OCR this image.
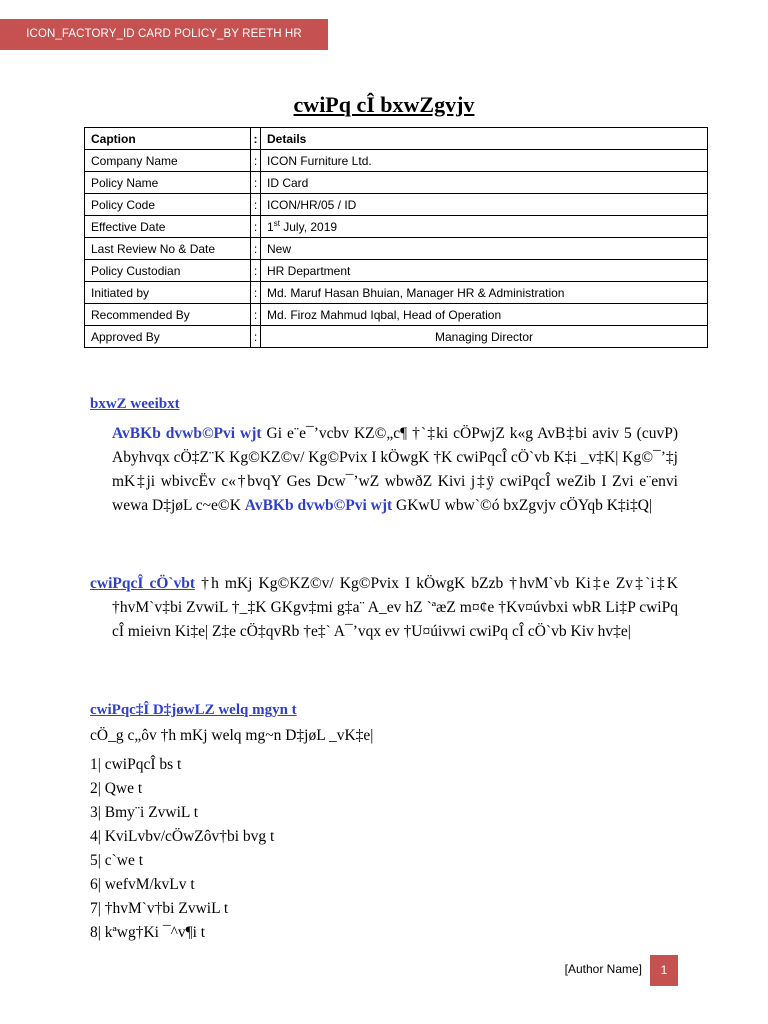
ICON_FACTORY_ID CARD POLICY_BY REETH HR
cwiPq cÎ bxwZgvjv
Caption	:	Details
Company Name	:	ICON Furniture Ltd.
Policy Name	:	ID Card
Policy Code	:	ICON/HR/05 / ID
Effective Date	:	1st July, 2019
Last Review No & Date	:	New
Policy Custodian	:	HR Department
Initiated by	:	Md. Maruf Hasan Bhuian, Manager HR & Administration
Recommended By	:	Md. Firoz Mahmud Iqbal, Head of Operation
Approved By	:	Managing Director
bxwZ weeibxt
AvBKb dvwb©Pvi wjt Gi e¨e¯’vcbv KZ©„c¶ †`‡ki cÖPwjZ k«g AvB‡bi aviv 5 (cuvP) Abyhvqx cÖ‡Z¨K Kg©KZ©v/ Kg©Pvix I kÖwgK †K cwiPqcÎ cÖ`vb K‡i _v‡K| Kg©¯’‡j mK‡ji wbivcËv c«†bvqY Ges Dcw¯’wZ wbwðZ Kivi j‡ÿ cwiPqcÎ weZib I Zvi e¨envi wewa D‡jøL c~e©K AvBKb dvwb©Pvi wjt GKwU wbw`©ó bxZgvjv cÖYqb K‡i‡Q|
cwiPqcÎ cÖ`vbt †h mKj Kg©KZ©v/ Kg©Pvix I kÖwgK bZzb †hvM`vb Ki‡e Zv‡`i‡K †hvM`v‡bi ZvwiL †_‡K GKgv‡mi g‡a¨ A_ev hZ `ªæZ m¤¢e †Kv¤úvbxi wbR Li‡P cwiPq cÎ mieivn Ki‡e| Z‡e cÖ‡qvRb †e‡` A¯’vqx ev †U¤úivwi cwiPq cÎ cÖ`vb Kiv hv‡e|
cwiPqc‡Î D‡jøwLZ welq mgyn t
cÖ_g c„ôv †h mKj welq mg~n D‡jøL _vK‡e|
1| cwiPqcÎ bs t
2| Qwe t
3| Bmy¨i ZvwiL t
4| KviLvbv/cÖwZôv†bi bvg t
5| c`we t
6| wefvM/kvLv t
7| †hvM`v†bi ZvwiL t
8| kªwg†Ki ¯^v¶i t
[Author Name]	1
